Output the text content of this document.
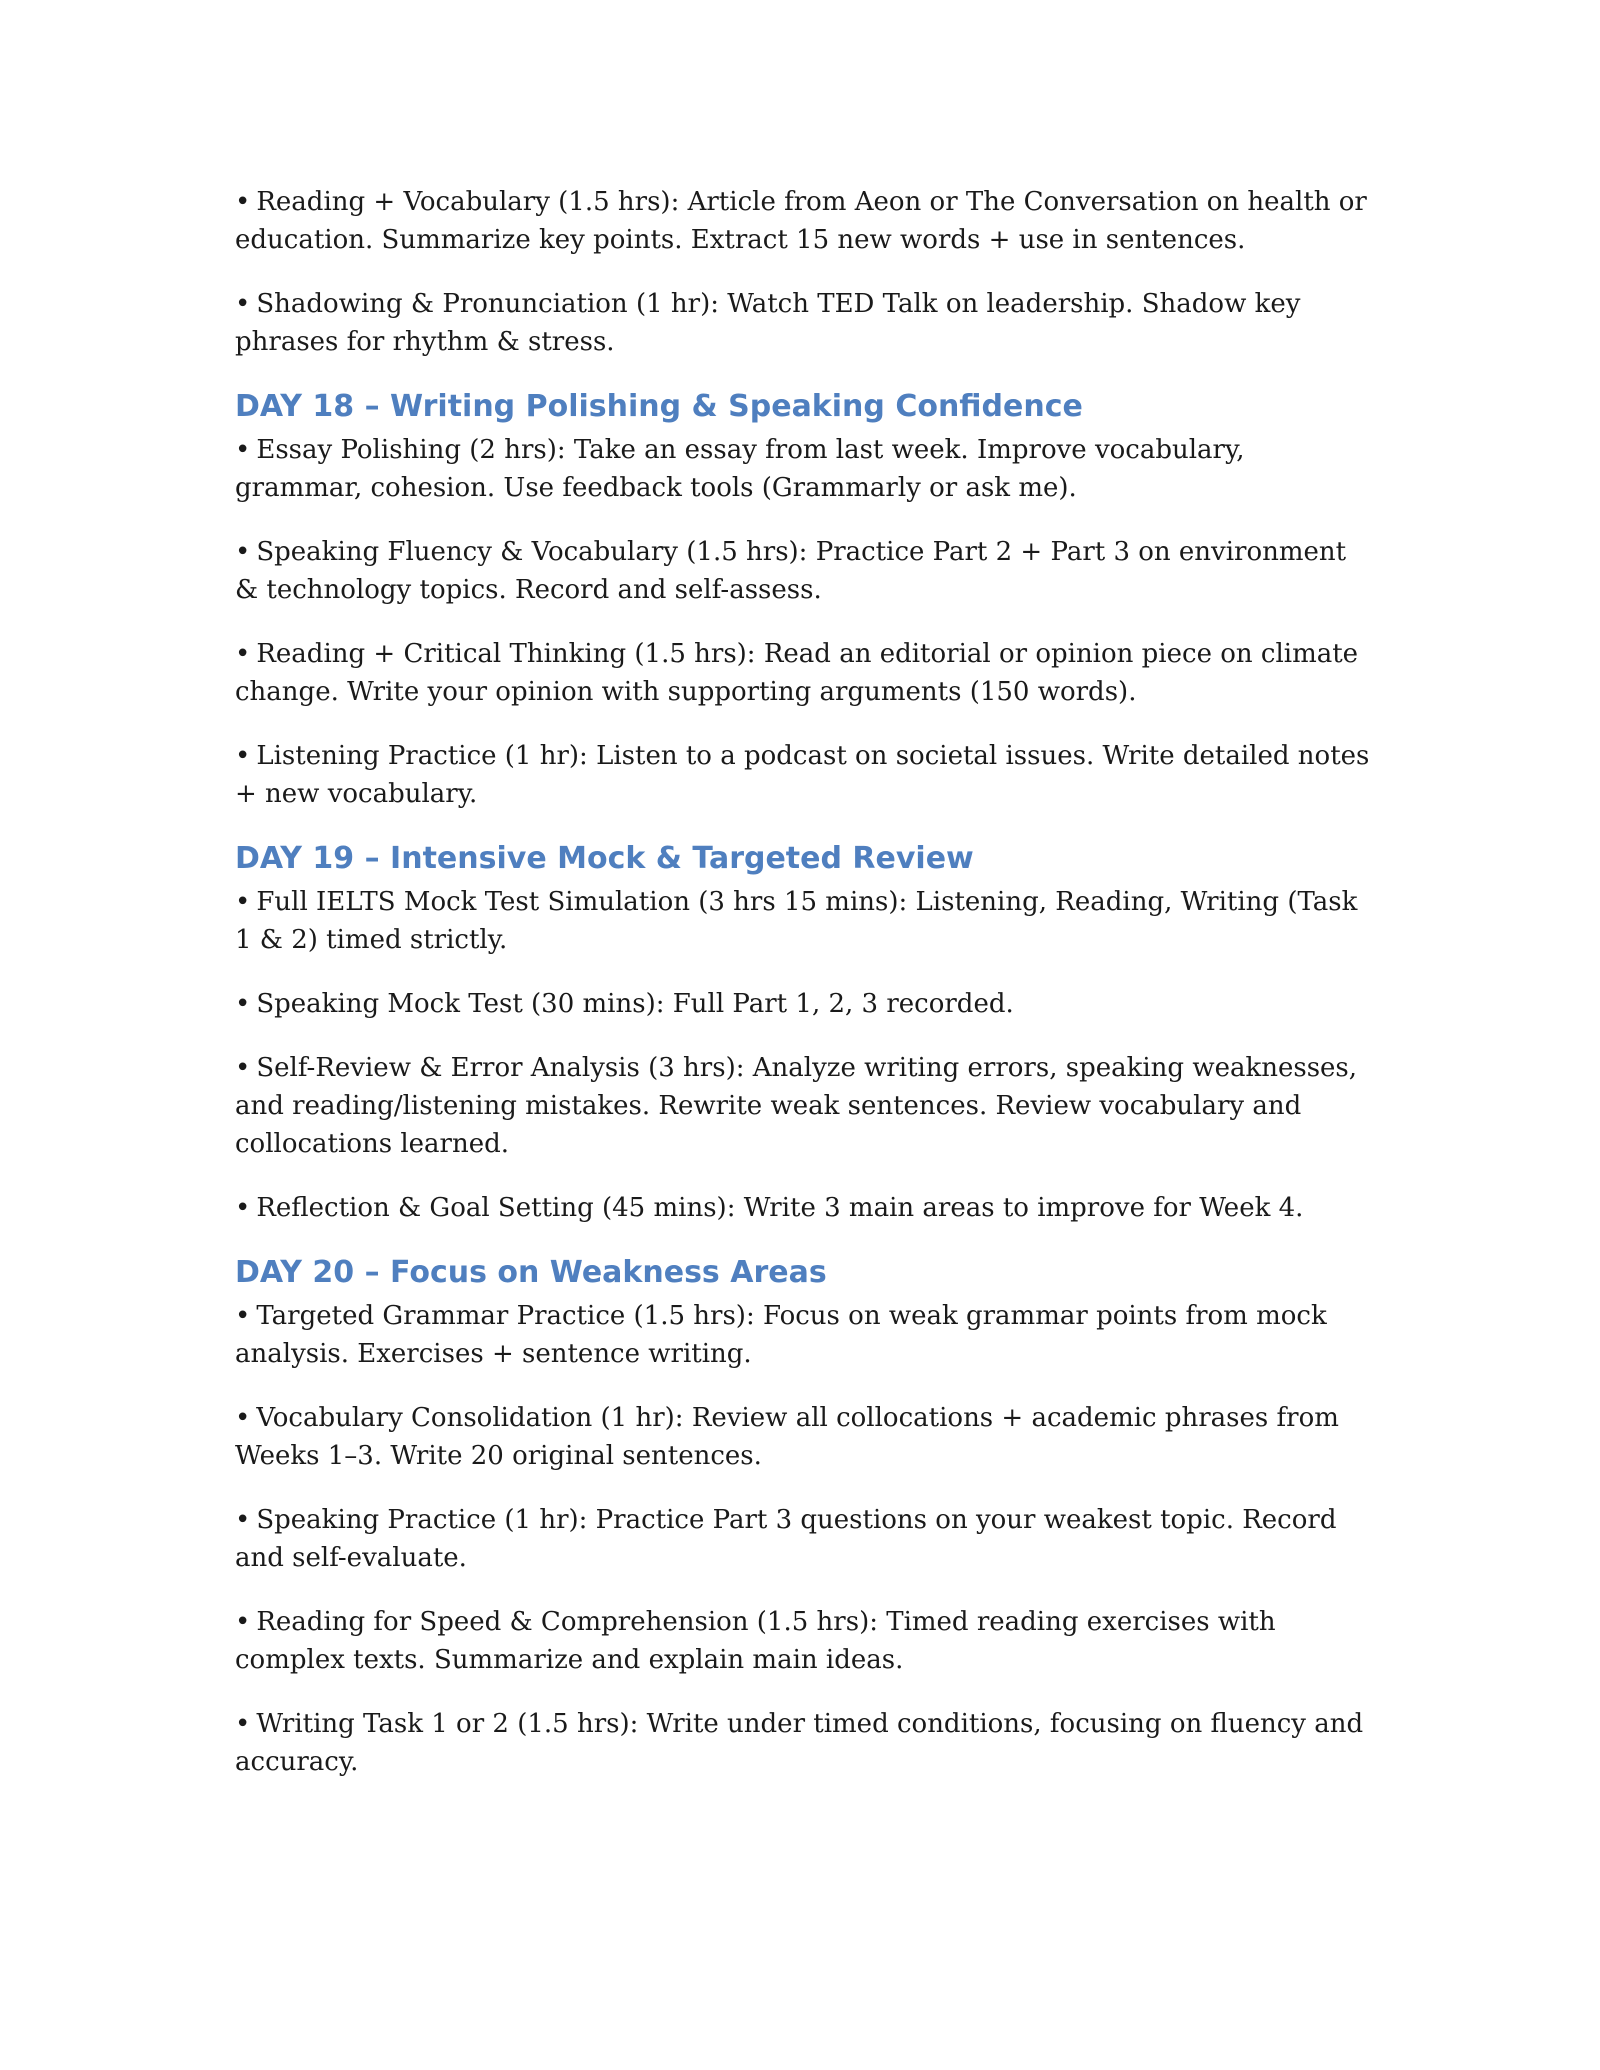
• Reading + Vocabulary (1.5 hrs): Article from Aeon or The Conversation on health or education. Summarize key points. Extract 15 new words + use in sentences.

• Shadowing & Pronunciation (1 hr): Watch TED Talk on leadership. Shadow key phrases for rhythm & stress.

DAY 18 – Writing Polishing & Speaking Confidence

• Essay Polishing (2 hrs): Take an essay from last week. Improve vocabulary, grammar, cohesion. Use feedback tools (Grammarly or ask me).

• Speaking Fluency & Vocabulary (1.5 hrs): Practice Part 2 + Part 3 on environment & technology topics. Record and self-assess.

• Reading + Critical Thinking (1.5 hrs): Read an editorial or opinion piece on climate change. Write your opinion with supporting arguments (150 words).

• Listening Practice (1 hr): Listen to a podcast on societal issues. Write detailed notes + new vocabulary.

DAY 19 – Intensive Mock & Targeted Review

• Full IELTS Mock Test Simulation (3 hrs 15 mins): Listening, Reading, Writing (Task 1 & 2) timed strictly.

• Speaking Mock Test (30 mins): Full Part 1, 2, 3 recorded.

• Self-Review & Error Analysis (3 hrs): Analyze writing errors, speaking weaknesses, and reading/listening mistakes. Rewrite weak sentences. Review vocabulary and collocations learned.

• Reflection & Goal Setting (45 mins): Write 3 main areas to improve for Week 4.

DAY 20 – Focus on Weakness Areas

• Targeted Grammar Practice (1.5 hrs): Focus on weak grammar points from mock analysis. Exercises + sentence writing.

• Vocabulary Consolidation (1 hr): Review all collocations + academic phrases from Weeks 1–3. Write 20 original sentences.

• Speaking Practice (1 hr): Practice Part 3 questions on your weakest topic. Record and self-evaluate.

• Reading for Speed & Comprehension (1.5 hrs): Timed reading exercises with complex texts. Summarize and explain main ideas.

• Writing Task 1 or 2 (1.5 hrs): Write under timed conditions, focusing on fluency and accuracy.
